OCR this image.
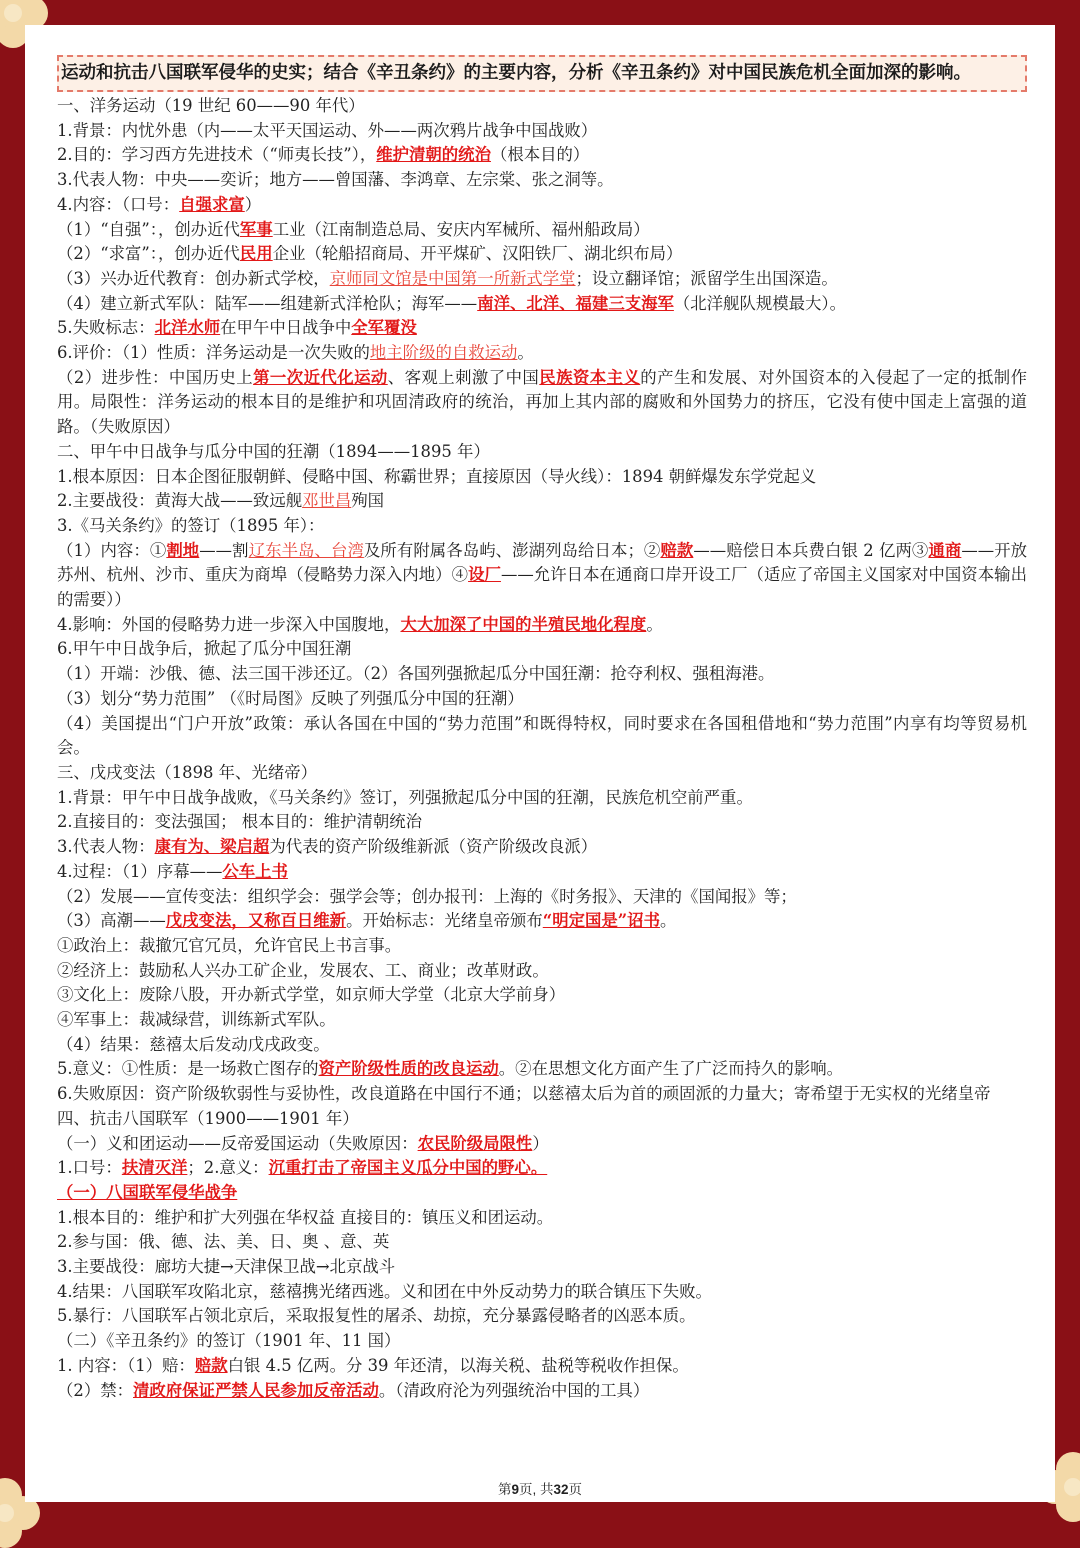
运动和抗击八国联军侵华的史实；结合《辛丑条约》的主要内容，分析《辛丑条约》对中国民族危机全面加深的影响。
一、洋务运动（19 世纪 60——90 年代）
1.背景：内忧外患（内——太平天国运动、外——两次鸦片战争中国战败）
2.目的：学习西方先进技术（“师夷长技”），维护清朝的统治（根本目的）
3.代表人物：中央——奕䜣；地方——曾国藩、李鸿章、左宗棠、张之洞等。
4.内容：（口号：自强求富）
（1）“自强”：，创办近代军事工业（江南制造总局、安庆内军械所、福州船政局）
（2）“求富”：，创办近代民用企业（轮船招商局、开平煤矿、汉阳铁厂、湖北织布局）
（3）兴办近代教育：创办新式学校，京师同文馆是中国第一所新式学堂；设立翻译馆；派留学生出国深造。
（4）建立新式军队：陆军——组建新式洋枪队；海军——南洋、北洋、福建三支海军（北洋舰队规模最大）。
5.失败标志：北洋水师在甲午中日战争中全军覆没
6.评价：（1）性质：洋务运动是一次失败的地主阶级的自救运动。
（2）进步性：中国历史上第一次近代化运动、客观上刺激了中国民族资本主义的产生和发展、对外国资本的入侵起了一定的抵制作用。局限性：洋务运动的根本目的是维护和巩固清政府的统治，再加上其内部的腐败和外国势力的挤压，它没有使中国走上富强的道路。（失败原因）
二、甲午中日战争与瓜分中国的狂潮（1894——1895 年）
1.根本原因：日本企图征服朝鲜、侵略中国、称霸世界；直接原因（导火线）：1894 朝鲜爆发东学党起义
2.主要战役：黄海大战——致远舰邓世昌殉国
3.《马关条约》的签订（1895 年）：
（1）内容：①割地——割辽东半岛、台湾及所有附属各岛屿、澎湖列岛给日本；②赔款——赔偿日本兵费白银 2 亿两③通商——开放苏州、杭州、沙市、重庆为商埠（侵略势力深入内地）④设厂——允许日本在通商口岸开设工厂（适应了帝国主义国家对中国资本输出的需要））
4.影响：外国的侵略势力进一步深入中国腹地，大大加深了中国的半殖民地化程度。
6.甲午中日战争后，掀起了瓜分中国狂潮
（1）开端：沙俄、德、法三国干涉还辽。（2）各国列强掀起瓜分中国狂潮：抢夺利权、强租海港。
（3）划分“势力范围” （《时局图》反映了列强瓜分中国的狂潮）
（4）美国提出“门户开放”政策：承认各国在中国的“势力范围”和既得特权，同时要求在各国租借地和“势力范围”内享有均等贸易机会。
三、戊戌变法（1898 年、光绪帝）
1.背景：甲午中日战争战败，《马关条约》签订，列强掀起瓜分中国的狂潮，民族危机空前严重。
2.直接目的：变法强国； 根本目的：维护清朝统治
3.代表人物：康有为、梁启超为代表的资产阶级维新派（资产阶级改良派）
4.过程：（1）序幕——公车上书
（2）发展——宣传变法：组织学会：强学会等；创办报刊：上海的《时务报》、天津的《国闻报》等；
（3）高潮——戊戌变法，又称百日维新。开始标志：光绪皇帝颁布“明定国是”诏书。
①政治上：裁撤冗官冗员，允许官民上书言事。
②经济上：鼓励私人兴办工矿企业，发展农、工、商业；改革财政。
③文化上：废除八股，开办新式学堂，如京师大学堂（北京大学前身）
④军事上：裁减绿营，训练新式军队。
（4）结果：慈禧太后发动戊戌政变。
5.意义：①性质：是一场救亡图存的资产阶级性质的改良运动。②在思想文化方面产生了广泛而持久的影响。
6.失败原因：资产阶级软弱性与妥协性，改良道路在中国行不通；以慈禧太后为首的顽固派的力量大；寄希望于无实权的光绪皇帝
四、抗击八国联军（1900——1901 年）
（一）义和团运动——反帝爱国运动（失败原因：农民阶级局限性）
1.口号：扶清灭洋；2.意义：沉重打击了帝国主义瓜分中国的野心。
（一）八国联军侵华战争
1.根本目的：维护和扩大列强在华权益 直接目的：镇压义和团运动。
2.参与国：俄、德、法、美、日、奥 、意、英
3.主要战役：廊坊大捷→天津保卫战→北京战斗
4.结果：八国联军攻陷北京，慈禧携光绪西逃。义和团在中外反动势力的联合镇压下失败。
5.暴行：八国联军占领北京后，采取报复性的屠杀、劫掠，充分暴露侵略者的凶恶本质。
（二）《辛丑条约》的签订（1901 年、11 国）
1. 内容：（1）赔：赔款白银 4.5 亿两。分 39 年还清，以海关税、盐税等税收作担保。
（2）禁：清政府保证严禁人民参加反帝活动。（清政府沦为列强统治中国的工具）
第9页, 共32页
